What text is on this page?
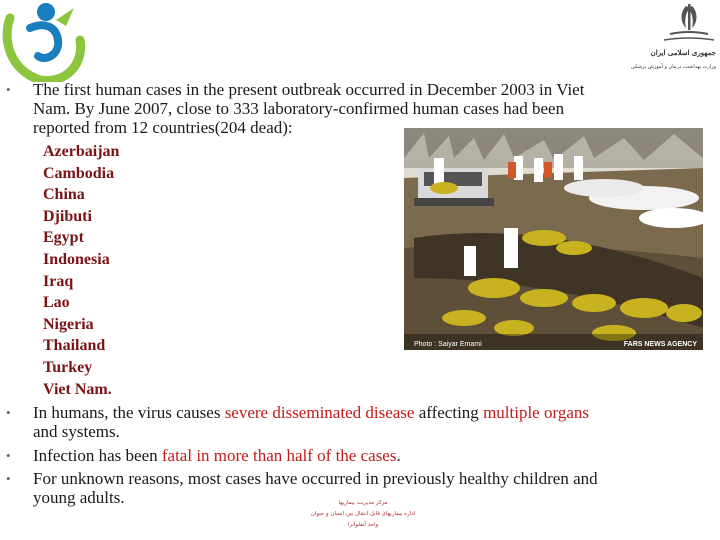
جمهوری اسلامی ایران
وزارت بهداشت، درمان و آموزش پزشکی
• The first human cases in the present outbreak occurred in December 2003 in Viet
Nam. By June 2007, close to 333 laboratory-confirmed human cases had been
reported from 12 countries(204 dead):
Azerbaijan
Cambodia
China
Djibuti
Egypt
Indonesia
Iraq
Lao
Nigeria
Thailand
Turkey
Viet Nam.
Photo : Saiyar Emami	FARS NEWS AGENCY
• In humans, the virus causes severe disseminated disease affecting multiple organs
and systems.
• Infection has been fatal in more than half of the cases.
• For unknown reasons, most cases have occurred in previously healthy children and
young adults.	مرکز مدیریت بیماریها
اداره بیماریهای قابل انتقال بین انسان و حیوان
واحد آنفلوآنزا
